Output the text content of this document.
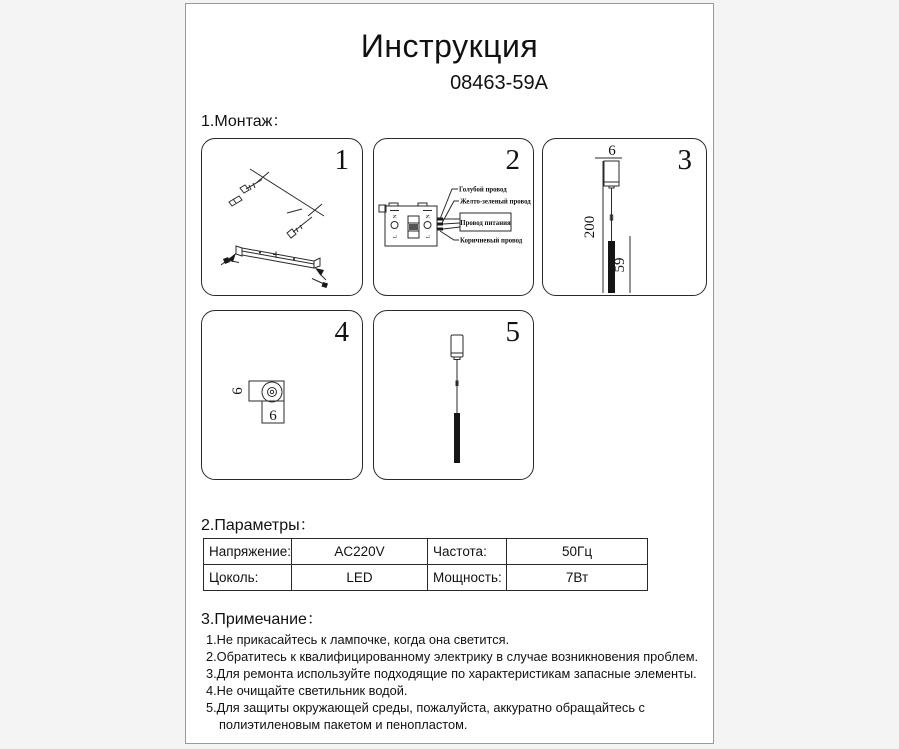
Инструкция
08463-59A
1.Монтаж：
1	2
N	N
L	L
Голубой провод
Желто-зеленый провод
Провод питания
Коричневый провод
3
6
200
59
4
6
6
5
2.Параметры：
Напряжение:	AC220V	Частота:	50Гц
Цоколь:	LED	Мощность:	7Вт
3.Примечание：
1.Не прикасайтесь к лампочке, когда она светится.
2.Обратитесь к квалифицированному электрику в случае возникновения проблем.
3.Для ремонта используйте подходящие по характеристикам запасные элементы.
4.Не очищайте светильник водой.
5.Для защиты окружающей среды, пожалуйста, аккуратно обращайтесь с полиэтиленовым пакетом и пенопластом.
